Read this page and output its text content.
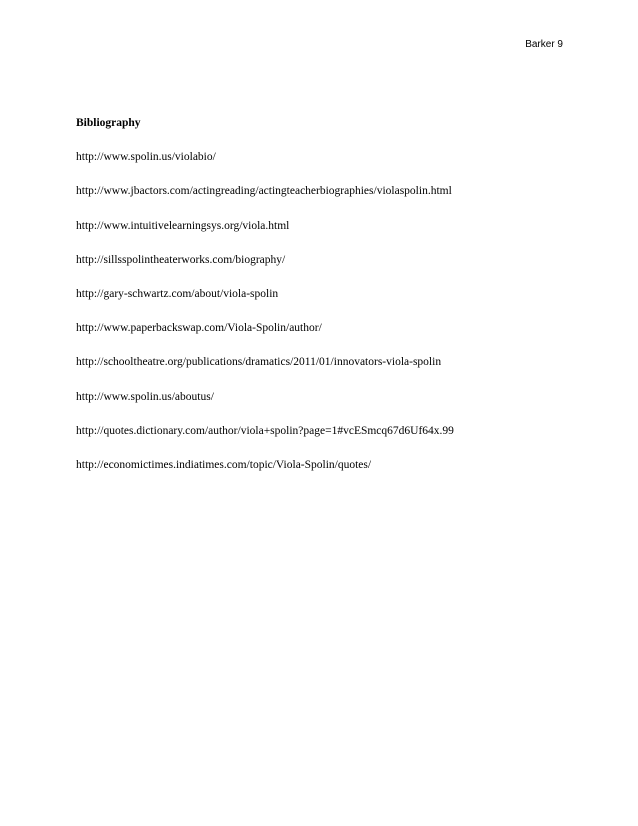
Barker 9
Bibliography
http://www.spolin.us/violabio/
http://www.jbactors.com/actingreading/actingteacherbiographies/violaspolin.html
http://www.intuitivelearningsys.org/viola.html
http://sillsspolintheaterworks.com/biography/
http://gary-schwartz.com/about/viola-spolin
http://www.paperbackswap.com/Viola-Spolin/author/
http://schooltheatre.org/publications/dramatics/2011/01/innovators-viola-spolin
http://www.spolin.us/aboutus/
http://quotes.dictionary.com/author/viola+spolin?page=1#vcESmcq67d6Uf64x.99
http://economictimes.indiatimes.com/topic/Viola-Spolin/quotes/
